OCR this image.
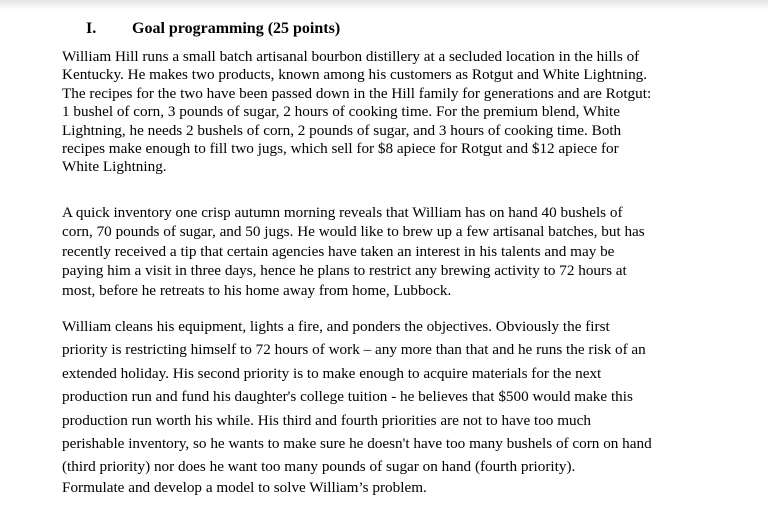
I. Goal programming (25 points)
William Hill runs a small batch artisanal bourbon distillery at a secluded location in the hills of
Kentucky. He makes two products, known among his customers as Rotgut and White Lightning.
The recipes for the two have been passed down in the Hill family for generations and are Rotgut:
1 bushel of corn, 3 pounds of sugar, 2 hours of cooking time. For the premium blend, White
Lightning, he needs 2 bushels of corn, 2 pounds of sugar, and 3 hours of cooking time. Both
recipes make enough to fill two jugs, which sell for $8 apiece for Rotgut and $12 apiece for
White Lightning.
A quick inventory one crisp autumn morning reveals that William has on hand 40 bushels of
corn, 70 pounds of sugar, and 50 jugs. He would like to brew up a few artisanal batches, but has
recently received a tip that certain agencies have taken an interest in his talents and may be
paying him a visit in three days, hence he plans to restrict any brewing activity to 72 hours at
most, before he retreats to his home away from home, Lubbock.
William cleans his equipment, lights a fire, and ponders the objectives. Obviously the first
priority is restricting himself to 72 hours of work – any more than that and he runs the risk of an
extended holiday. His second priority is to make enough to acquire materials for the next
production run and fund his daughter's college tuition - he believes that $500 would make this
production run worth his while. His third and fourth priorities are not to have too much
perishable inventory, so he wants to make sure he doesn't have too many bushels of corn on hand
(third priority) nor does he want too many pounds of sugar on hand (fourth priority).
Formulate and develop a model to solve William’s problem.
